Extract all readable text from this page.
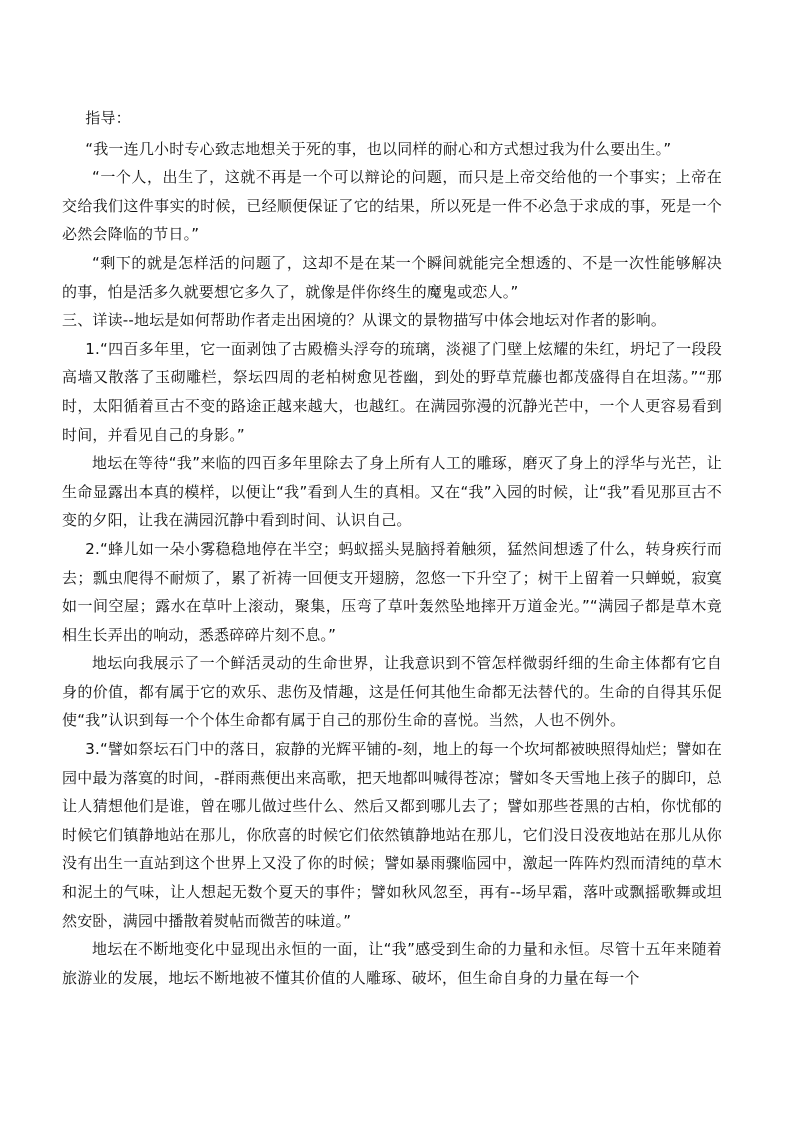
指导：

“我一连几小时专心致志地想关于死的事，也以同样的耐心和方式想过我为什么要出生。”

“一个人，出生了，这就不再是一个可以辩论的问题，而只是上帝交给他的一个事实；上帝在交给我们这件事实的时候，已经顺便保证了它的结果，所以死是一件不必急于求成的事，死是一个必然会降临的节日。”

“剩下的就是怎样活的问题了，这却不是在某一个瞬间就能完全想透的、不是一次性能够解决的事，怕是活多久就要想它多久了，就像是伴你终生的魔鬼或恋人。”

三、详读--地坛是如何帮助作者走出困境的？从课文的景物描写中体会地坛对作者的影响。

1.“四百多年里，它一面剥蚀了古殿檐头浮夸的琉璃，淡褪了门壁上炫耀的朱红，坍圮了一段段高墙又散落了玉砌雕栏，祭坛四周的老柏树愈见苍幽，到处的野草荒藤也都茂盛得自在坦荡。”“那时，太阳循着亘古不变的路途正越来越大，也越红。在满园弥漫的沉静光芒中，一个人更容易看到时间，并看见自己的身影。”

地坛在等待“我”来临的四百多年里除去了身上所有人工的雕琢，磨灭了身上的浮华与光芒，让生命显露出本真的模样，以便让“我”看到人生的真相。又在“我”入园的时候，让“我”看见那亘古不变的夕阳，让我在满园沉静中看到时间、认识自己。

2.“蜂儿如一朵小雾稳稳地停在半空；蚂蚁摇头晃脑捋着触须，猛然间想透了什么，转身疾行而去；瓢虫爬得不耐烦了，累了祈祷一回便支开翅膀，忽悠一下升空了；树干上留着一只蝉蜕，寂寞如一间空屋；露水在草叶上滚动，聚集，压弯了草叶轰然坠地摔开万道金光。”“满园子都是草木竟相生长弄出的响动，悉悉碎碎片刻不息。”

地坛向我展示了一个鲜活灵动的生命世界，让我意识到不管怎样微弱纤细的生命主体都有它自身的价值，都有属于它的欢乐、悲伤及情趣，这是任何其他生命都无法替代的。生命的自得其乐促使“我”认识到每一个个体生命都有属于自己的那份生命的喜悦。当然，人也不例外。

3.“譬如祭坛石门中的落日，寂静的光辉平铺的-刻，地上的每一个坎坷都被映照得灿烂；譬如在园中最为落寞的时间，-群雨燕便出来高歌，把天地都叫喊得苍凉；譬如冬天雪地上孩子的脚印，总让人猜想他们是谁，曾在哪儿做过些什么、然后又都到哪儿去了；譬如那些苍黑的古柏，你忧郁的时候它们镇静地站在那儿，你欣喜的时候它们依然镇静地站在那儿，它们没日没夜地站在那儿从你没有出生一直站到这个世界上又没了你的时候；譬如暴雨骤临园中，激起一阵阵灼烈而清纯的草木和泥土的气味，让人想起无数个夏天的事件；譬如秋风忽至，再有--场早霜，落叶或飘摇歌舞或坦然安卧，满园中播散着熨帖而微苦的味道。”

地坛在不断地变化中显现出永恒的一面，让“我”感受到生命的力量和永恒。尽管十五年来随着旅游业的发展，地坛不断地被不懂其价值的人雕琢、破坏，但生命自身的力量在每一个
